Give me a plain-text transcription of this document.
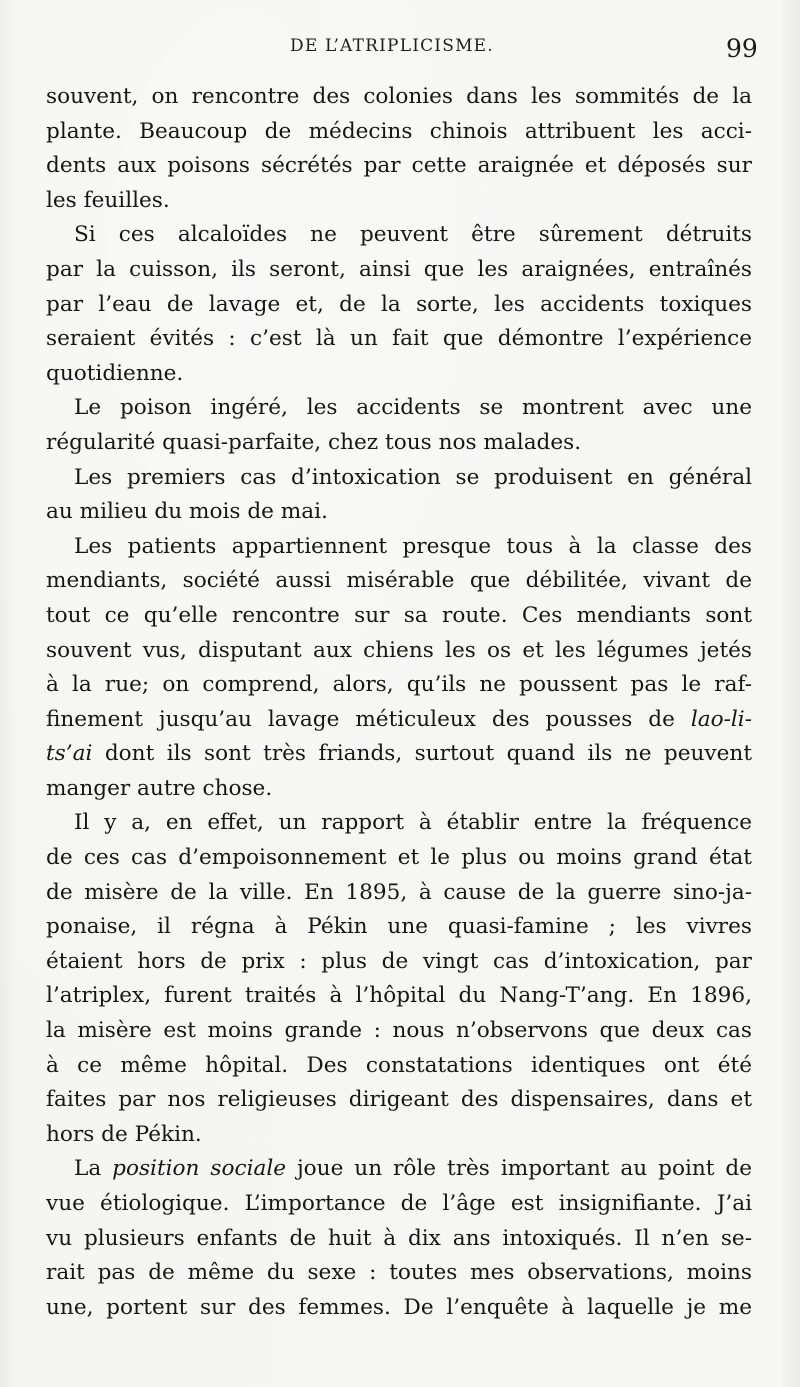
DE L’ATRIPLICISME.	99
souvent, on rencontre des colonies dans les sommités de la
plante. Beaucoup de médecins chinois attribuent les acci-
dents aux poisons sécrétés par cette araignée et déposés sur
les feuilles.
Si ces alcaloïdes ne peuvent être sûrement détruits
par la cuisson, ils seront, ainsi que les araignées, entraînés
par l’eau de lavage et, de la sorte, les accidents toxiques
seraient évités : c’est là un fait que démontre l’expérience
quotidienne.
Le poison ingéré, les accidents se montrent avec une
régularité quasi-parfaite, chez tous nos malades.
Les premiers cas d’intoxication se produisent en général
au milieu du mois de mai.
Les patients appartiennent presque tous à la classe des
mendiants, société aussi misérable que débilitée, vivant de
tout ce qu’elle rencontre sur sa route. Ces mendiants sont
souvent vus, disputant aux chiens les os et les légumes jetés
à la rue; on comprend, alors, qu’ils ne poussent pas le raf-
finement jusqu’au lavage méticuleux des pousses de lao-li-
ts’ai dont ils sont très friands, surtout quand ils ne peuvent
manger autre chose.
Il y a, en effet, un rapport à établir entre la fréquence
de ces cas d’empoisonnement et le plus ou moins grand état
de misère de la ville. En 1895, à cause de la guerre sino-ja-
ponaise, il régna à Pékin une quasi-famine ; les vivres
étaient hors de prix : plus de vingt cas d’intoxication, par
l’atriplex, furent traités à l’hôpital du Nang-T’ang. En 1896,
la misère est moins grande : nous n’observons que deux cas
à ce même hôpital. Des constatations identiques ont été
faites par nos religieuses dirigeant des dispensaires, dans et
hors de Pékin.
La position sociale joue un rôle très important au point de
vue étiologique. L’importance de l’âge est insignifiante. J’ai
vu plusieurs enfants de huit à dix ans intoxiqués. Il n’en se-
rait pas de même du sexe : toutes mes observations, moins
une, portent sur des femmes. De l’enquête à laquelle je me
